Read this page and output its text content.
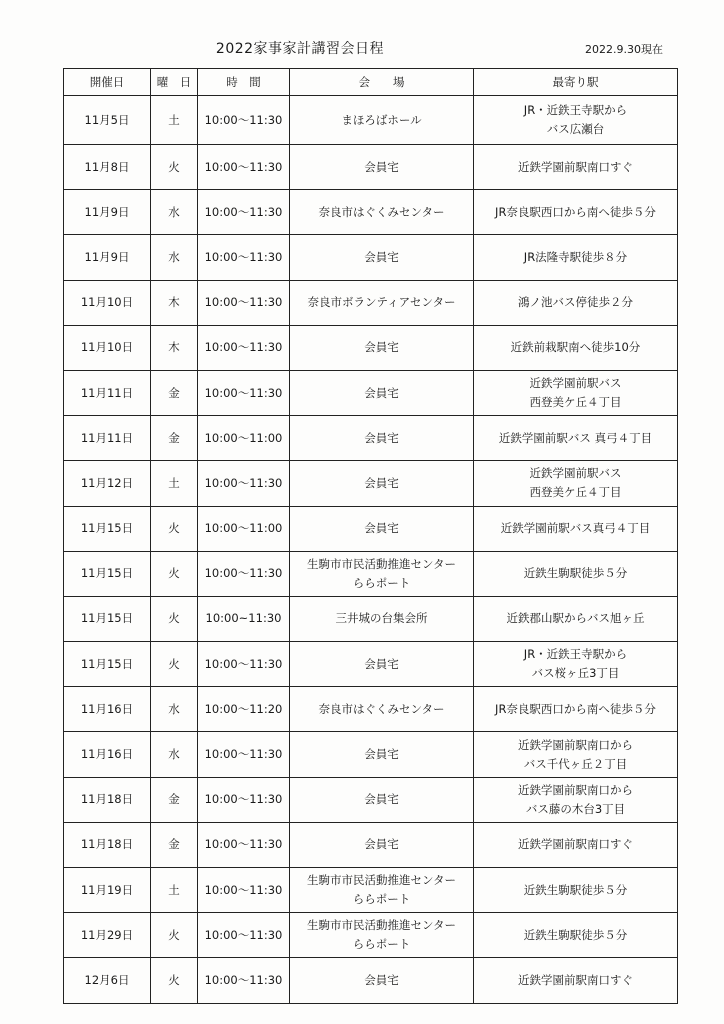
2022家事家計講習会日程	2022.9.30現在
開催日	曜　日	時　間	会　　場	最寄り駅
11月5日	土	10:00～11:30	まほろばホール	JR・近鉄王寺駅から
バス広瀬台

11月8日	火	10:00～11:30	会員宅	近鉄学園前駅南口すぐ

11月9日	水	10:00～11:30	奈良市はぐくみセンター	JR奈良駅西口から南へ徒歩５分

11月9日	水	10:00～11:30	会員宅	JR法隆寺駅徒歩８分

11月10日	木	10:00～11:30	奈良市ボランティアセンター	鴻ノ池バス停徒歩２分

11月10日	木	10:00～11:30	会員宅	近鉄前栽駅南へ徒歩10分

11月11日	金	10:00～11:30	会員宅	近鉄学園前駅バス
西登美ケ丘４丁目

11月11日	金	10:00～11:00	会員宅	近鉄学園前駅バス 真弓４丁目

11月12日	土	10:00～11:30	会員宅	近鉄学園前駅バス
西登美ケ丘４丁目

11月15日	火	10:00～11:00	会員宅	近鉄学園前駅バス真弓４丁目

11月15日	火	10:00～11:30	生駒市市民活動推進センター
ららポート	近鉄生駒駅徒歩５分

11月15日	火	10:00~11:30	三井城の台集会所	近鉄郡山駅からバス旭ヶ丘

11月15日	火	10:00～11:30	会員宅	JR・近鉄王寺駅から
バス桜ヶ丘3丁目

11月16日	水	10:00～11:20	奈良市はぐくみセンター	JR奈良駅西口から南へ徒歩５分

11月16日	水	10:00～11:30	会員宅	近鉄学園前駅南口から
バス千代ヶ丘２丁目

11月18日	金	10:00～11:30	会員宅	近鉄学園前駅南口から
バス藤の木台3丁目

11月18日	金	10:00～11:30	会員宅	近鉄学園前駅南口すぐ

11月19日	土	10:00～11:30	生駒市市民活動推進センター
ららポート	近鉄生駒駅徒歩５分

11月29日	火	10:00～11:30	生駒市市民活動推進センター
ららポート	近鉄生駒駅徒歩５分

12月6日	火	10:00～11:30	会員宅	近鉄学園前駅南口すぐ
